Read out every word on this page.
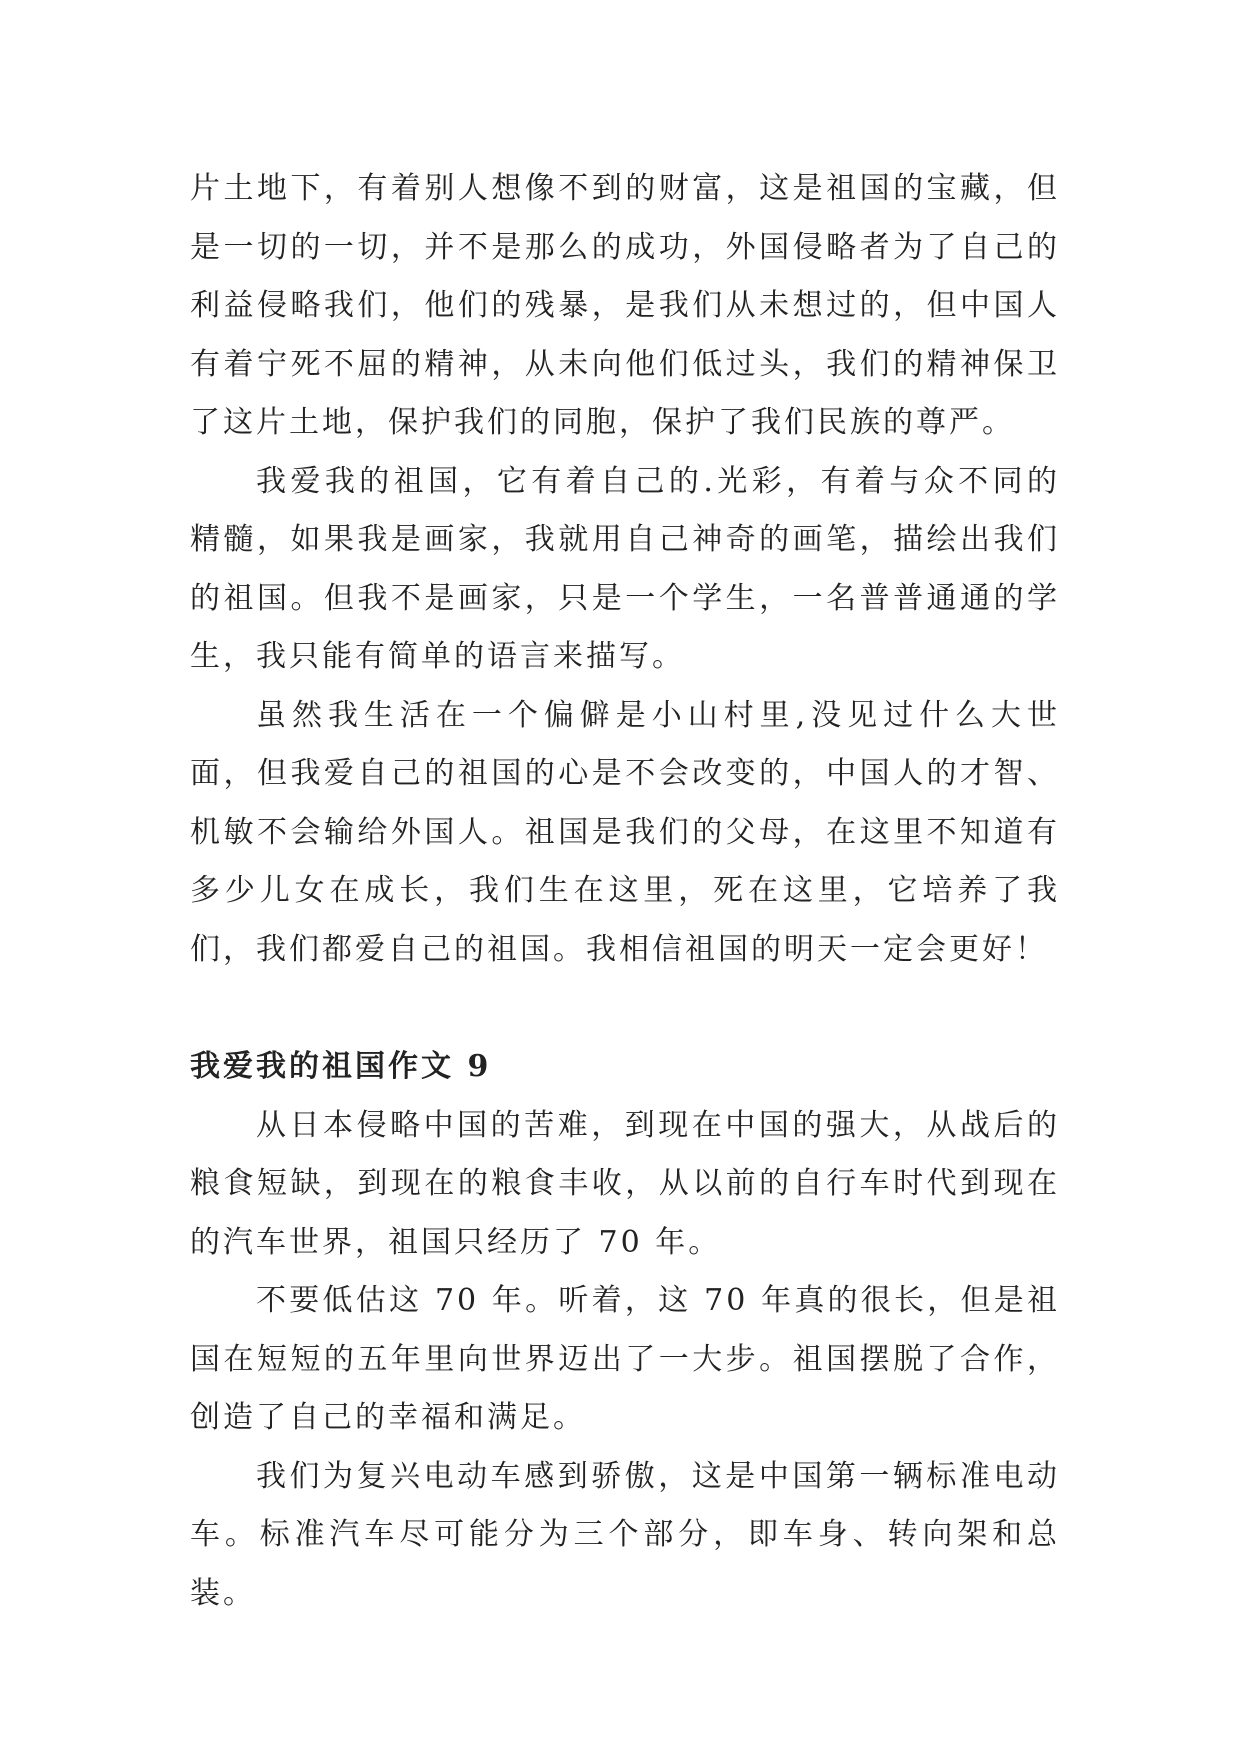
片土地下，有着别人想像不到的财富，这是祖国的宝藏，但是一切的一切，并不是那么的成功，外国侵略者为了自己的利益侵略我们，他们的残暴，是我们从未想过的，但中国人有着宁死不屈的精神，从未向他们低过头，我们的精神保卫了这片土地，保护我们的同胞，保护了我们民族的尊严。

我爱我的祖国，它有着自己的.光彩，有着与众不同的精髓，如果我是画家，我就用自己神奇的画笔，描绘出我们的祖国。但我不是画家，只是一个学生，一名普普通通的学生，我只能有简单的语言来描写。

虽然我生活在一个偏僻是小山村里,没见过什么大世面，但我爱自己的祖国的心是不会改变的，中国人的才智、机敏不会输给外国人。祖国是我们的父母，在这里不知道有多少儿女在成长，我们生在这里，死在这里，它培养了我们，我们都爱自己的祖国。我相信祖国的明天一定会更好！

我爱我的祖国作文 9

从日本侵略中国的苦难，到现在中国的强大，从战后的粮食短缺，到现在的粮食丰收，从以前的自行车时代到现在的汽车世界，祖国只经历了 70 年。

不要低估这 70 年。听着，这 70 年真的很长，但是祖国在短短的五年里向世界迈出了一大步。祖国摆脱了合作，创造了自己的幸福和满足。

我们为复兴电动车感到骄傲，这是中国第一辆标准电动车。标准汽车尽可能分为三个部分，即车身、转向架和总装。
